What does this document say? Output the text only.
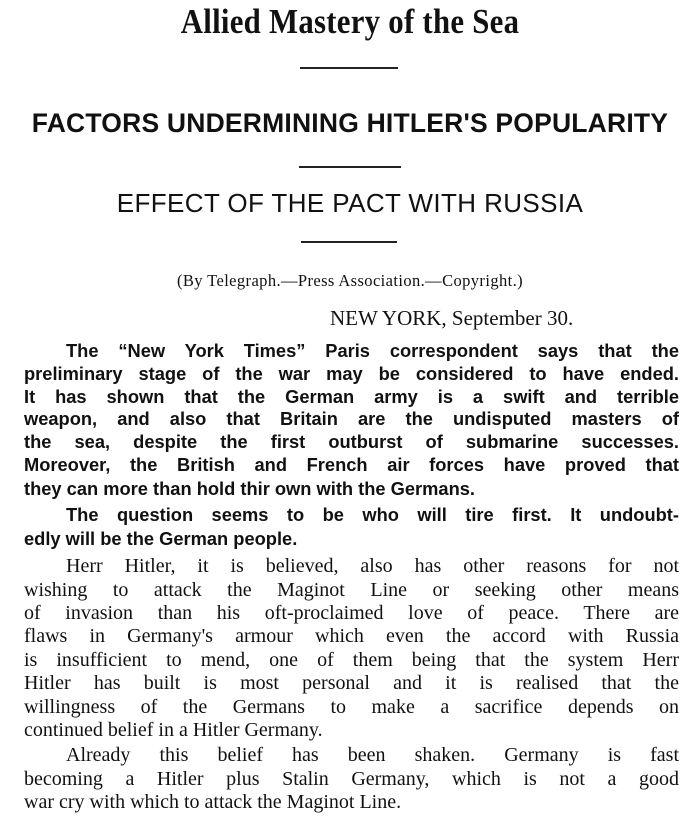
Allied Mastery of the Sea
FACTORS UNDERMINING HITLER'S POPULARITY
EFFECT OF THE PACT WITH RUSSIA

(By Telegraph.—Press Association.—Copyright.)

NEW YORK, September 30.

The “New York Times” Paris correspondent says that the

preliminary stage of the war may be considered to have ended.

It has shown that the German army is a swift and terrible

weapon, and also that Britain are the undisputed masters of

the sea, despite the first outburst of submarine successes.

Moreover, the British and French air forces have proved that

they can more than hold thir own with the Germans.

The question seems to be who will tire first. It undoubt-

edly will be the German people.

Herr Hitler, it is believed, also has other reasons for not

wishing to attack the Maginot Line or seeking other means

of invasion than his oft-proclaimed love of peace. There are

flaws in Germany's armour which even the accord with Russia

is insufficient to mend, one of them being that the system Herr

Hitler has built is most personal and it is realised that the

willingness of the Germans to make a sacrifice depends on

continued belief in a Hitler Germany.

Already this belief has been shaken. Germany is fast

becoming a Hitler plus Stalin Germany, which is not a good

war cry with which to attack the Maginot Line.
